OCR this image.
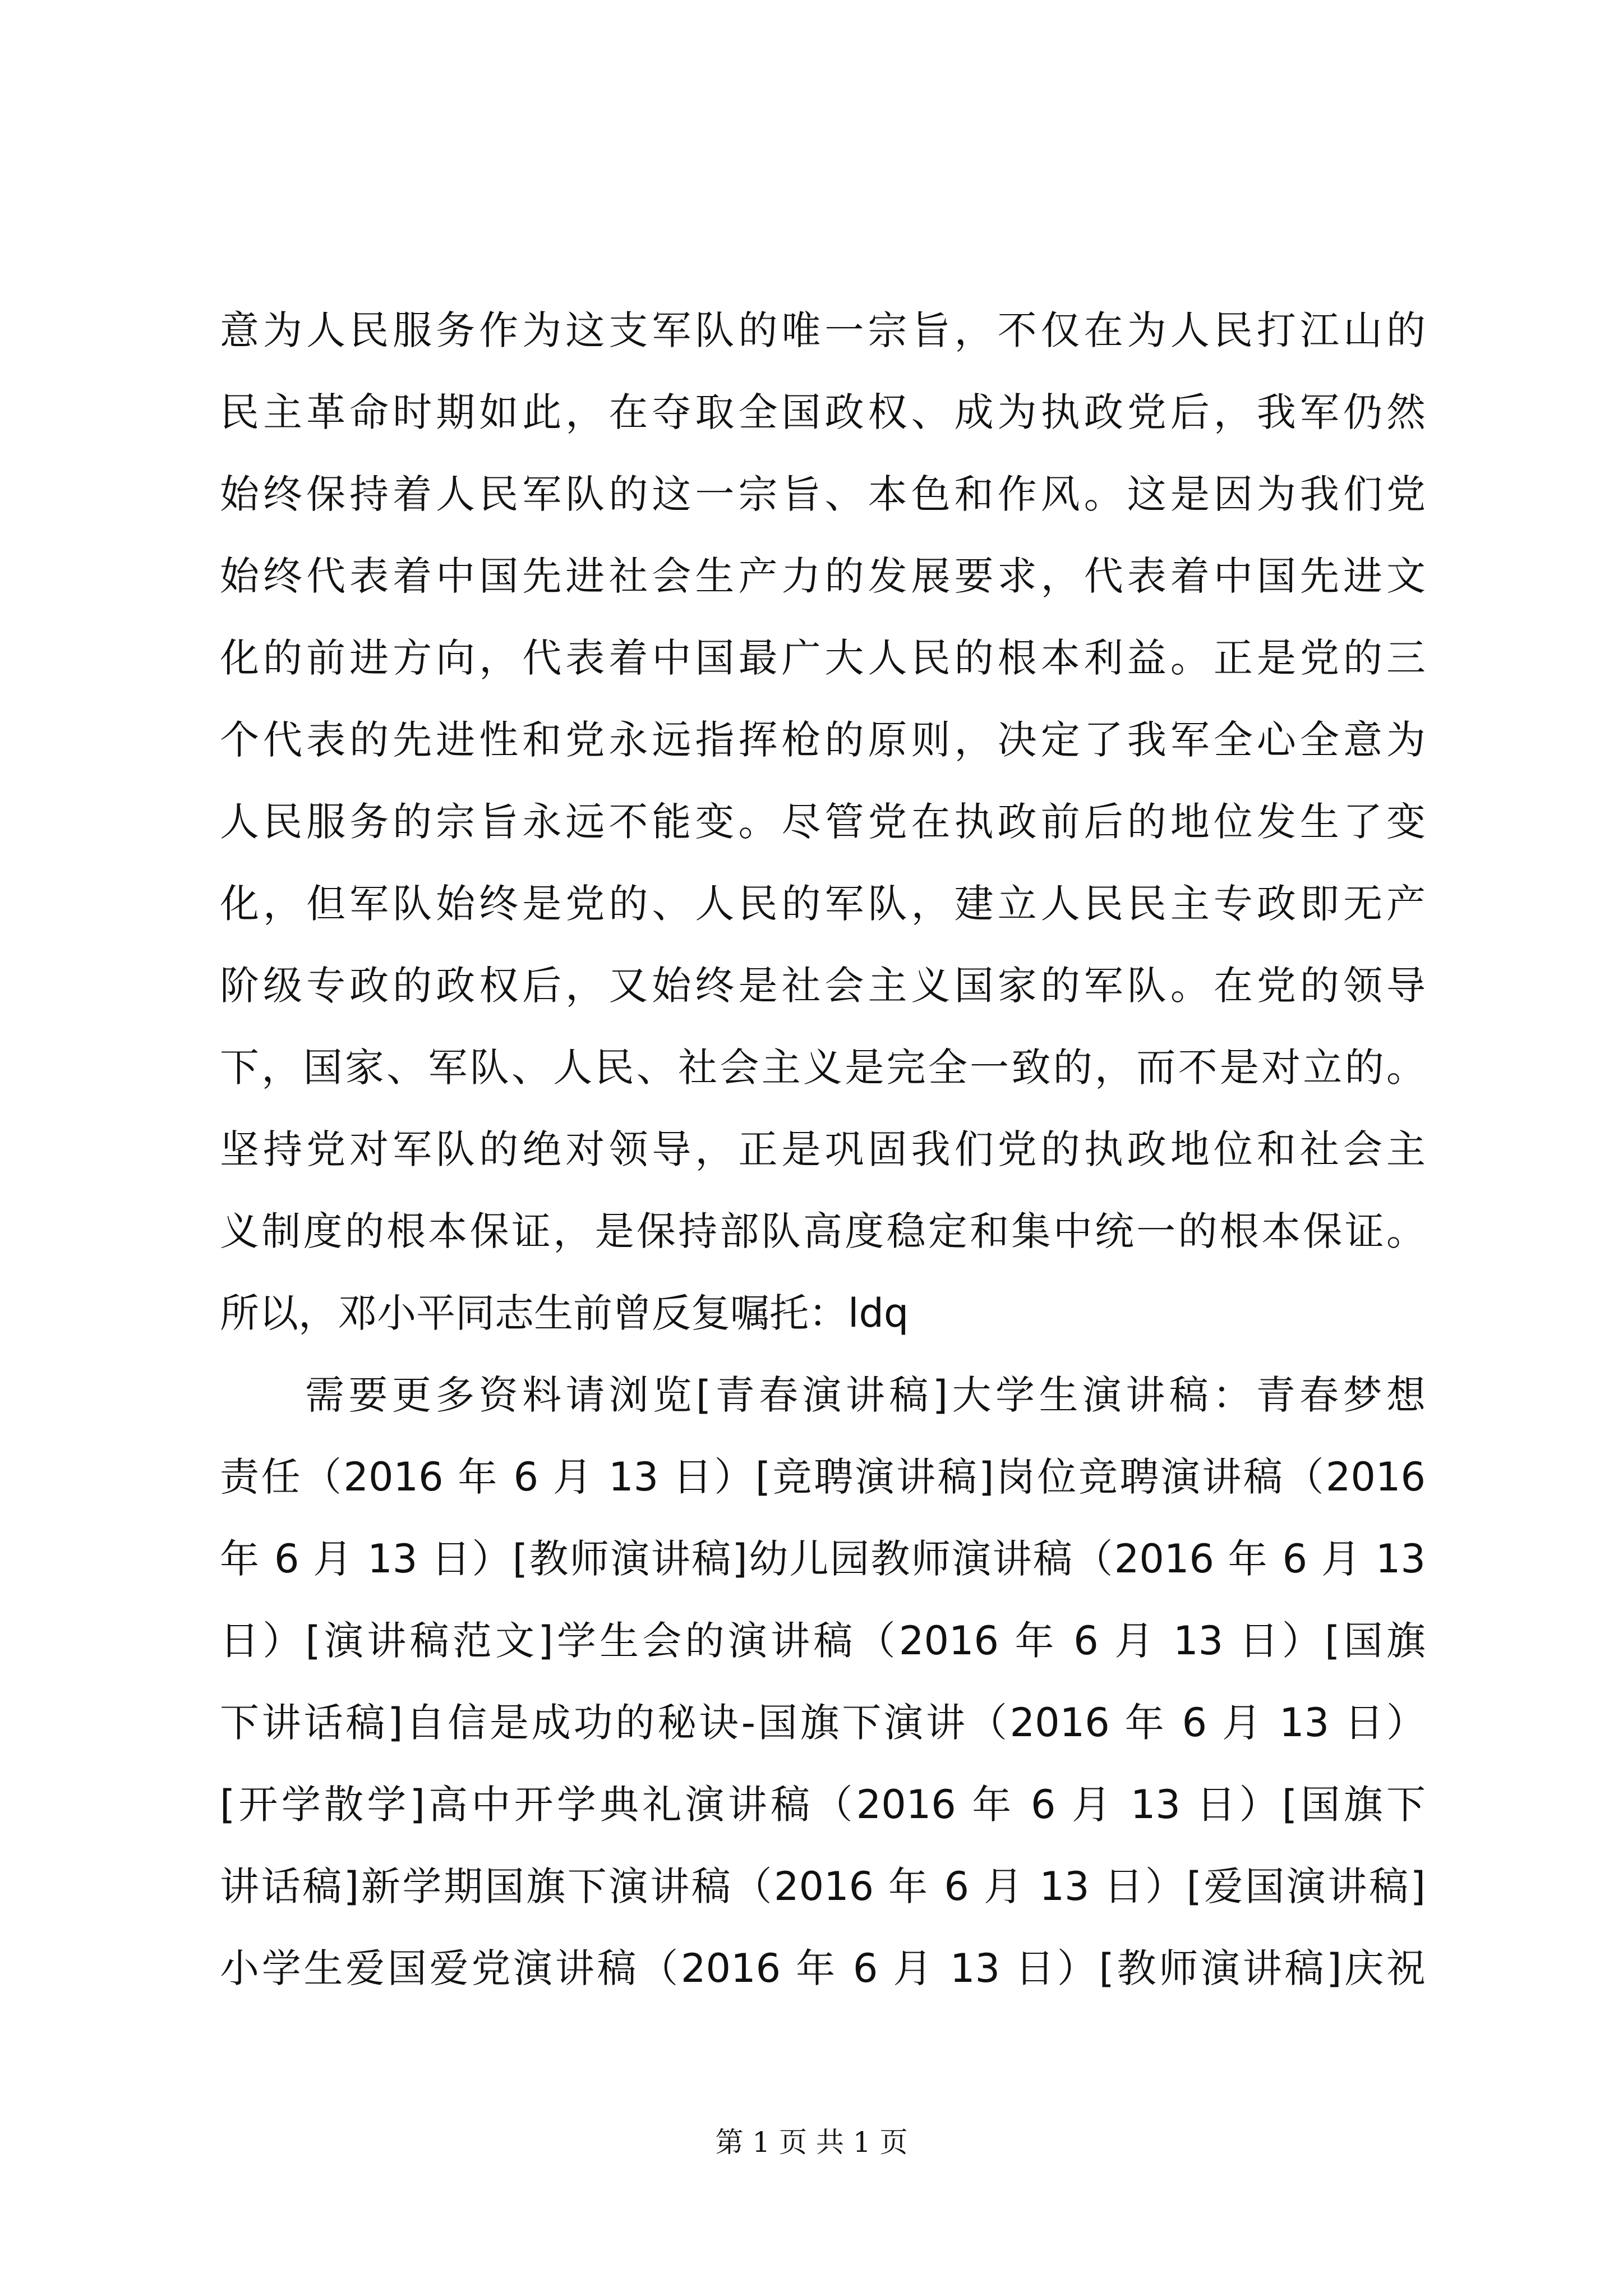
意为人民服务作为这支军队的唯一宗旨，不仅在为人民打江山的
民主革命时期如此，在夺取全国政权、成为执政党后，我军仍然
始终保持着人民军队的这一宗旨、本色和作风。这是因为我们党
始终代表着中国先进社会生产力的发展要求，代表着中国先进文
化的前进方向，代表着中国最广大人民的根本利益。正是党的三
个代表的先进性和党永远指挥枪的原则，决定了我军全心全意为
人民服务的宗旨永远不能变。尽管党在执政前后的地位发生了变
化，但军队始终是党的、人民的军队，建立人民民主专政即无产
阶级专政的政权后，又始终是社会主义国家的军队。在党的领导
下，国家、军队、人民、社会主义是完全一致的，而不是对立的。
坚持党对军队的绝对领导，正是巩固我们党的执政地位和社会主
义制度的根本保证，是保持部队高度稳定和集中统一的根本保证。
所以，邓小平同志生前曾反复嘱托：ldq
需要更多资料请浏览[青春演讲稿]大学生演讲稿：青春梦想
责任（2016 年 6 月 13 日）[竞聘演讲稿]岗位竞聘演讲稿（2016
年 6 月 13 日）[教师演讲稿]幼儿园教师演讲稿（2016 年 6 月 13
日）[演讲稿范文]学生会的演讲稿（2016 年 6 月 13 日）[国旗
下讲话稿]自信是成功的秘诀-国旗下演讲（2016 年 6 月 13 日）
[开学散学]高中开学典礼演讲稿（2016 年 6 月 13 日）[国旗下
讲话稿]新学期国旗下演讲稿（2016 年 6 月 13 日）[爱国演讲稿]
小学生爱国爱党演讲稿（2016 年 6 月 13 日）[教师演讲稿]庆祝
第 1 页 共 1 页
